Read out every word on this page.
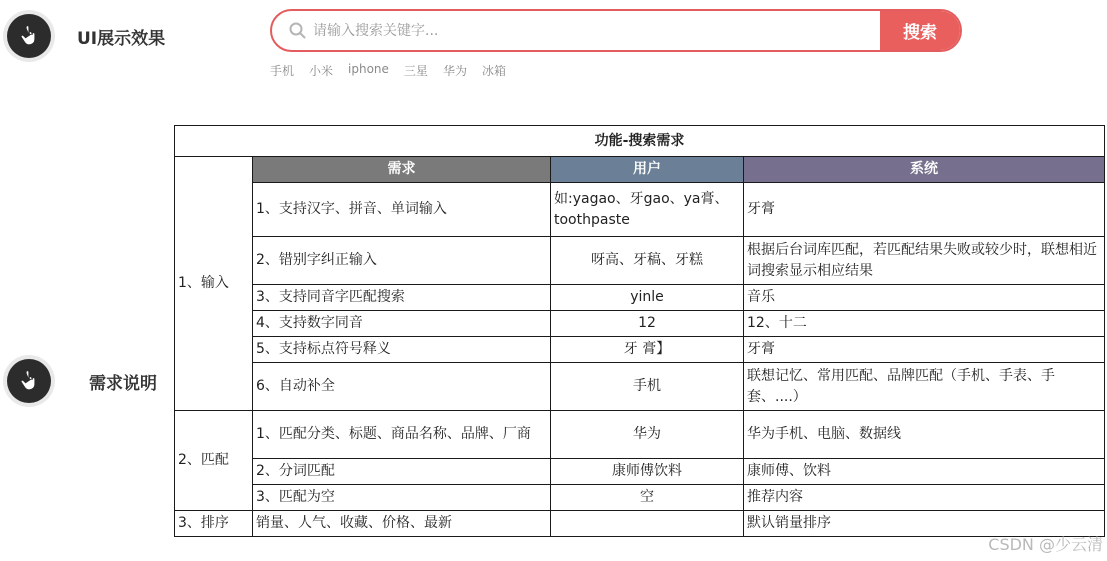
UI展示效果
请输入搜索关键字...	搜索
手机 小米 iphone 三星 华为 冰箱
需求说明
功能-搜索需求			
1、输入	需求	用户	系统
	1、支持汉字、拼音、单词输入	如:yagao、牙gao、ya膏、toothpaste	牙膏
	2、错别字纠正输入	呀高、牙稿、牙糕	根据后台词库匹配，若匹配结果失败或较少时，联想相近词搜索显示相应结果
	3、支持同音字匹配搜索	yinle	音乐
	4、支持数字同音	12	12、十二
	5、支持标点符号释义	牙 膏】	牙膏
	6、自动补全	手机	联想记忆、常用匹配、品牌匹配（手机、手表、手套、....）
2、匹配	1、匹配分类、标题、商品名称、品牌、厂商	华为	华为手机、电脑、数据线
	2、分词匹配	康师傅饮料	康师傅、饮料
	3、匹配为空	空	推荐内容
3、排序	销量、人气、收藏、价格、最新		默认销量排序
CSDN @少云清
